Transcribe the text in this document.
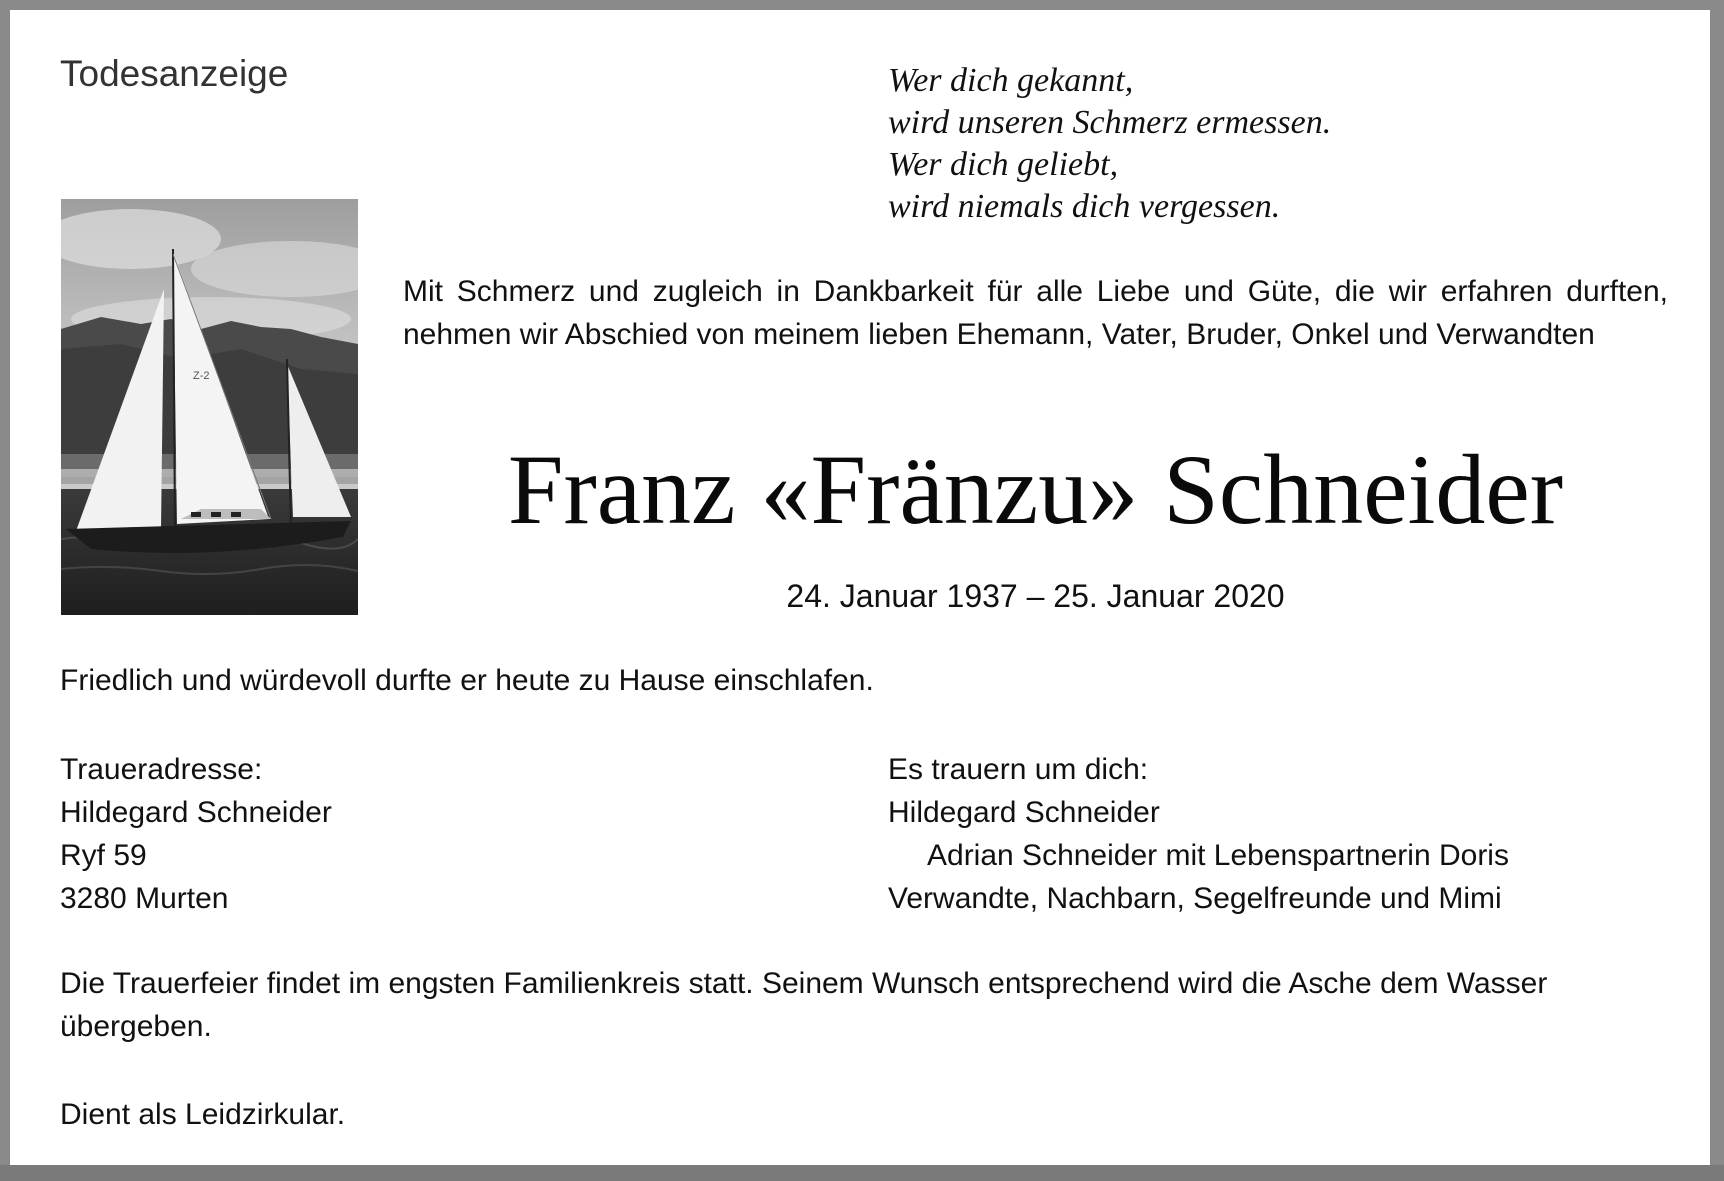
Todesanzeige	Wer dich gekannt,
wird unseren Schmerz ermessen.
Wer dich geliebt,
wird niemals dich vergessen.
Z-2
Mit Schmerz und zugleich in Dankbarkeit für alle Liebe und Güte, die wir erfahren durften, nehmen wir Abschied von meinem lieben Ehemann, Vater, Bruder, Onkel und Verwandten
Franz «Fränzu» Schneider
24. Januar 1937 – 25. Januar 2020
Friedlich und würdevoll durfte er heute zu Hause einschlafen.
Traueradresse:
Hildegard Schneider
Ryf 59
3280 Murten
Es trauern um dich:
Hildegard Schneider
Adrian Schneider mit Lebenspartnerin Doris
Verwandte, Nachbarn, Segelfreunde und Mimi
Die Trauerfeier findet im engsten Familienkreis statt. Seinem Wunsch entsprechend wird die Asche dem Wasser übergeben.
Dient als Leidzirkular.
